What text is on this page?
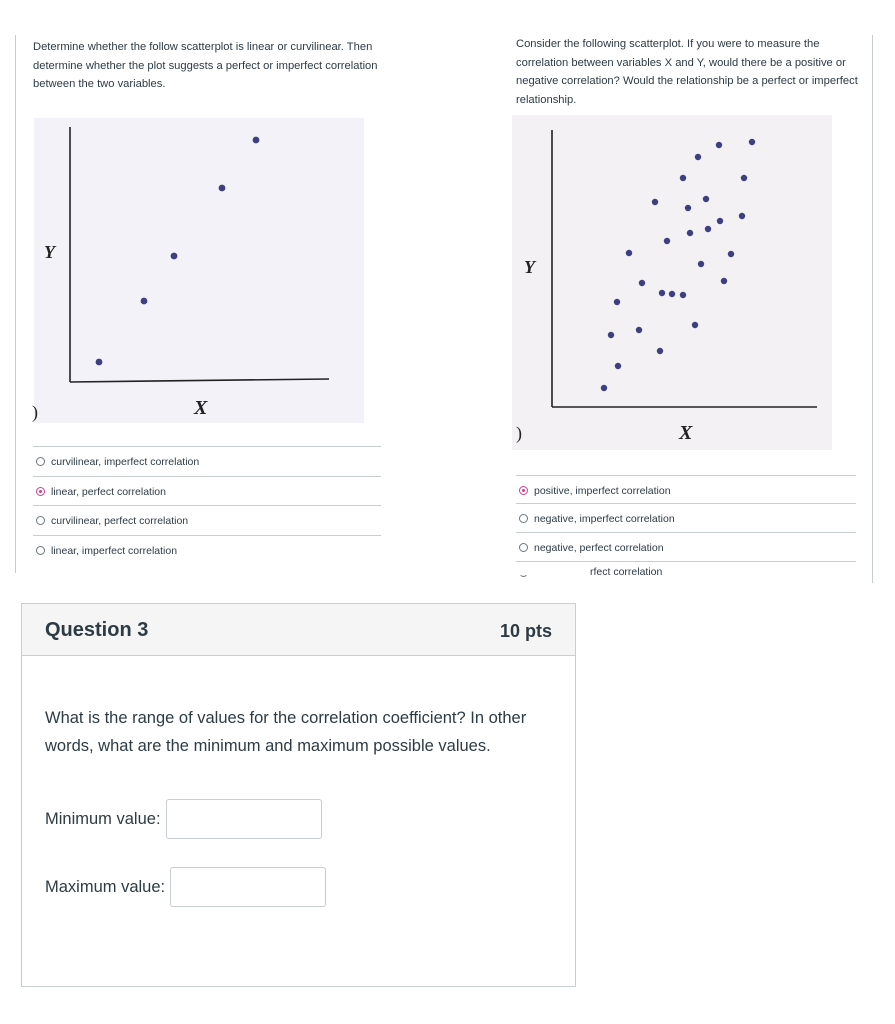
Determine whether the follow scatterplot is linear or curvilinear. Then determine whether the plot suggests a perfect or imperfect correlation between the two variables.
Y
X
)
curvilinear, imperfect correlation
linear, perfect correlation
curvilinear, perfect correlation
linear, imperfect correlation
Consider the following scatterplot. If you were to measure the correlation between variables X and Y, would there be a positive or negative correlation? Would the relationship be a perfect or imperfect relationship.
Y
X
)
positive, imperfect correlation
negative, imperfect correlation
negative, perfect correlation
rfect correlation
Question 3	10 pts
What is the range of values for the correlation coefficient? In other words, what are the minimum and maximum possible values.
Minimum value:
Maximum value:
